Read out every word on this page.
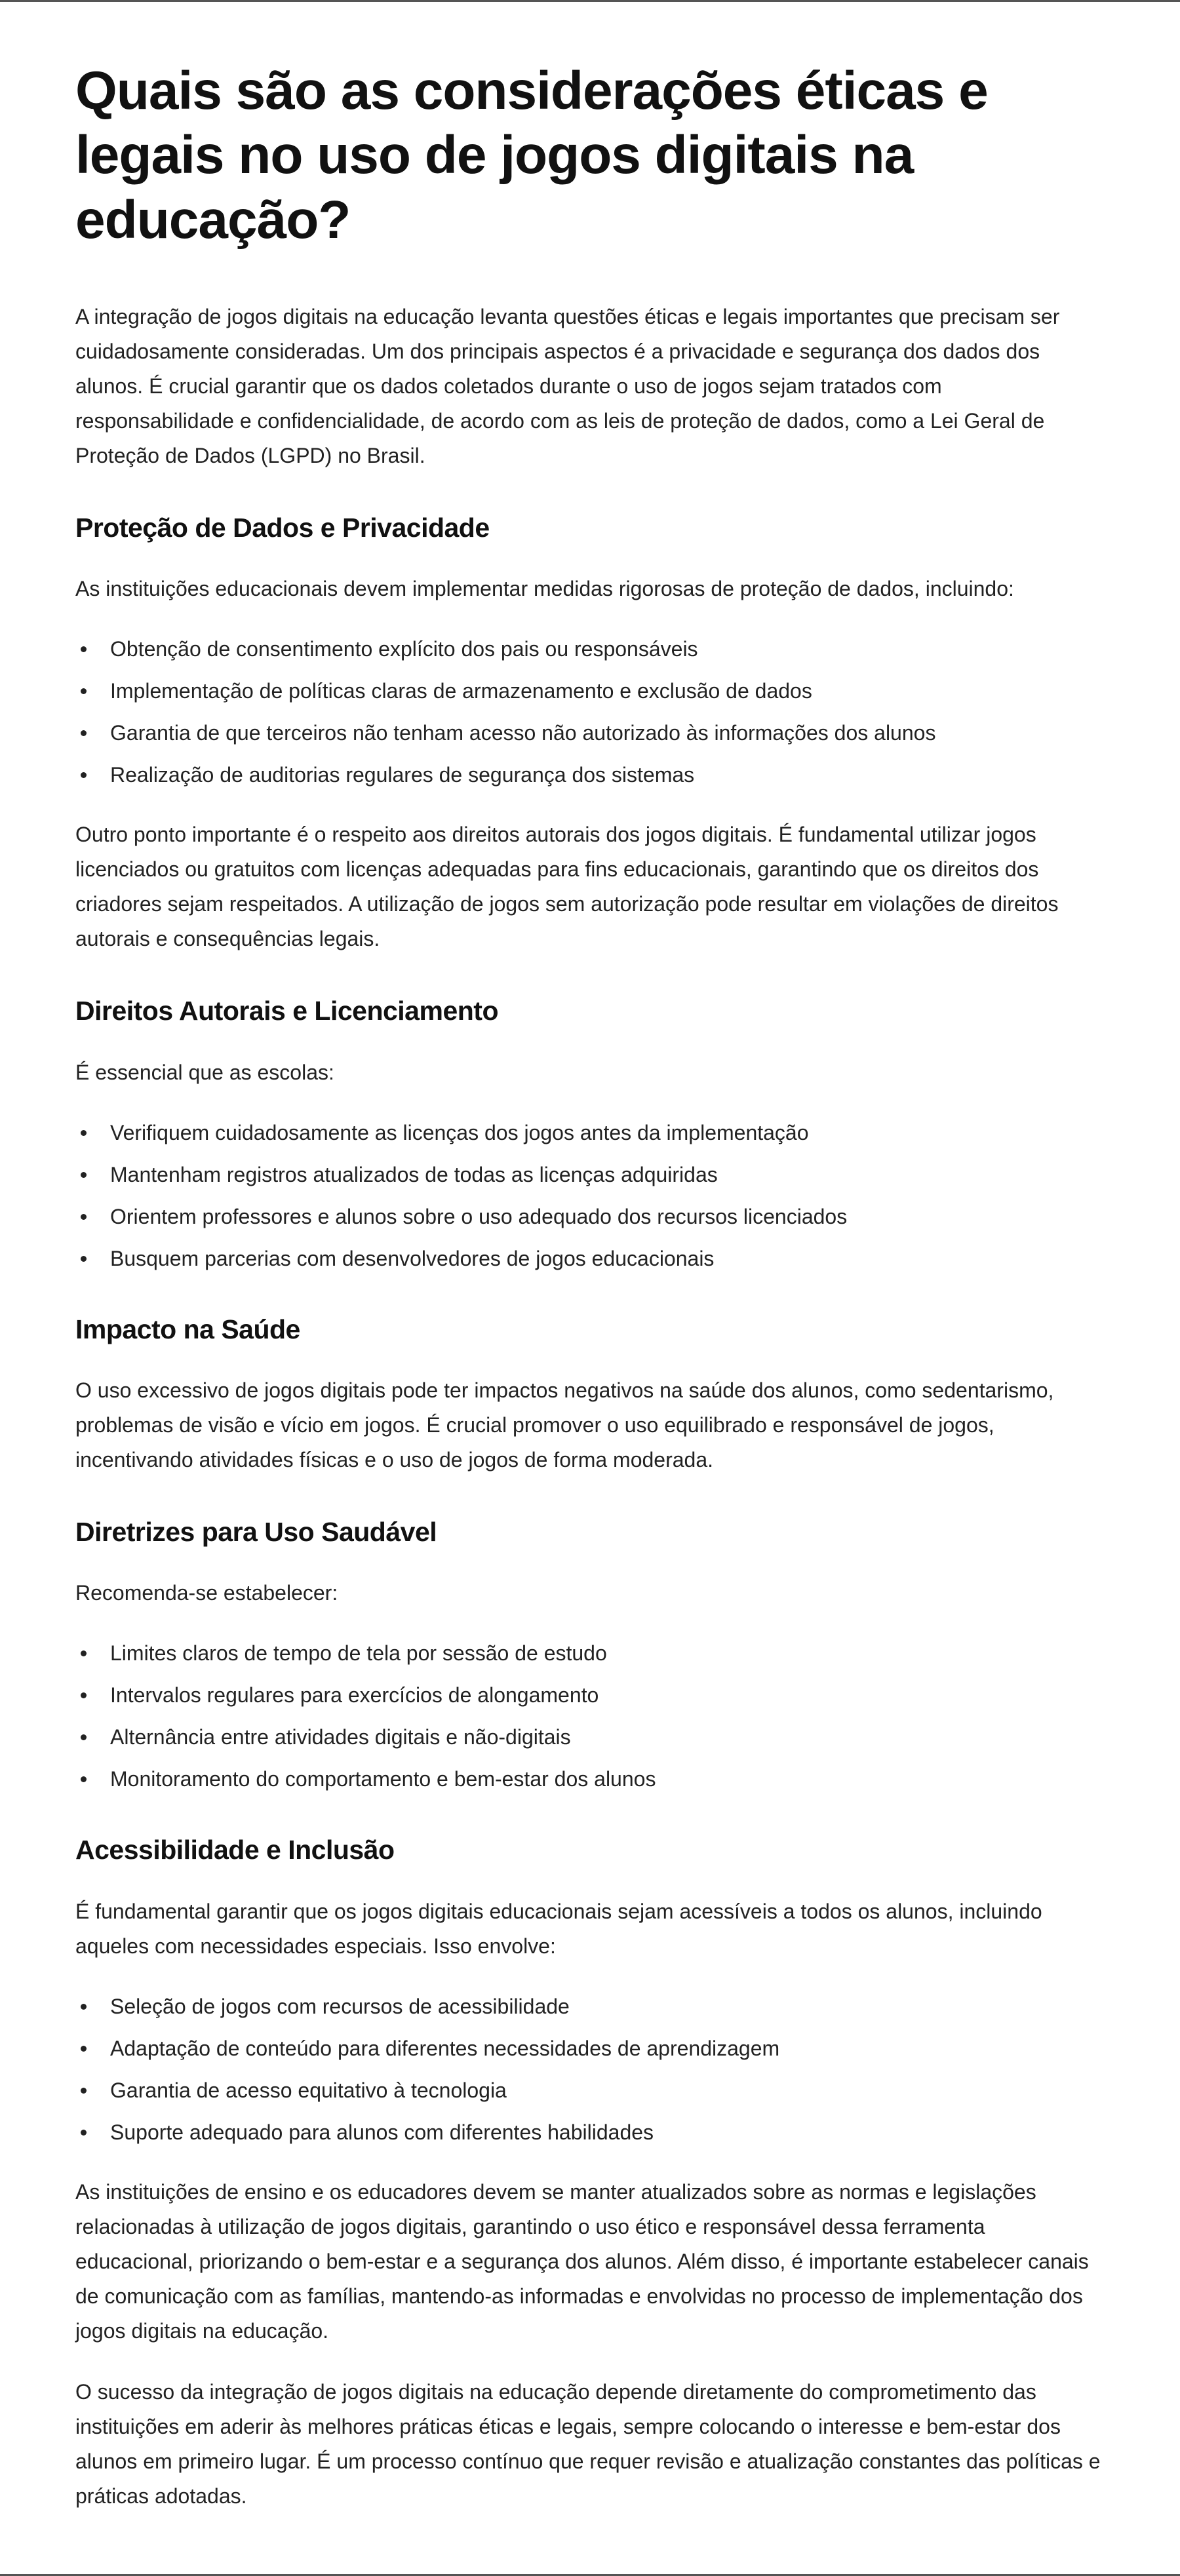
Quais são as considerações éticas e legais no uso de jogos digitais na educação?

A integração de jogos digitais na educação levanta questões éticas e legais importantes que precisam ser cuidadosamente consideradas. Um dos principais aspectos é a privacidade e segurança dos dados dos alunos. É crucial garantir que os dados coletados durante o uso de jogos sejam tratados com responsabilidade e confidencialidade, de acordo com as leis de proteção de dados, como a Lei Geral de Proteção de Dados (LGPD) no Brasil.

Proteção de Dados e Privacidade

As instituições educacionais devem implementar medidas rigorosas de proteção de dados, incluindo:

Obtenção de consentimento explícito dos pais ou responsáveis
Implementação de políticas claras de armazenamento e exclusão de dados
Garantia de que terceiros não tenham acesso não autorizado às informações dos alunos
Realização de auditorias regulares de segurança dos sistemas

Outro ponto importante é o respeito aos direitos autorais dos jogos digitais. É fundamental utilizar jogos licenciados ou gratuitos com licenças adequadas para fins educacionais, garantindo que os direitos dos criadores sejam respeitados. A utilização de jogos sem autorização pode resultar em violações de direitos autorais e consequências legais.

Direitos Autorais e Licenciamento

É essencial que as escolas:

Verifiquem cuidadosamente as licenças dos jogos antes da implementação
Mantenham registros atualizados de todas as licenças adquiridas
Orientem professores e alunos sobre o uso adequado dos recursos licenciados
Busquem parcerias com desenvolvedores de jogos educacionais
Impacto na Saúde

O uso excessivo de jogos digitais pode ter impactos negativos na saúde dos alunos, como sedentarismo, problemas de visão e vício em jogos. É crucial promover o uso equilibrado e responsável de jogos, incentivando atividades físicas e o uso de jogos de forma moderada.

Diretrizes para Uso Saudável

Recomenda-se estabelecer:

Limites claros de tempo de tela por sessão de estudo
Intervalos regulares para exercícios de alongamento
Alternância entre atividades digitais e não-digitais
Monitoramento do comportamento e bem-estar dos alunos
Acessibilidade e Inclusão

É fundamental garantir que os jogos digitais educacionais sejam acessíveis a todos os alunos, incluindo aqueles com necessidades especiais. Isso envolve:

Seleção de jogos com recursos de acessibilidade
Adaptação de conteúdo para diferentes necessidades de aprendizagem
Garantia de acesso equitativo à tecnologia
Suporte adequado para alunos com diferentes habilidades

As instituições de ensino e os educadores devem se manter atualizados sobre as normas e legislações relacionadas à utilização de jogos digitais, garantindo o uso ético e responsável dessa ferramenta educacional, priorizando o bem-estar e a segurança dos alunos. Além disso, é importante estabelecer canais de comunicação com as famílias, mantendo-as informadas e envolvidas no processo de implementação dos jogos digitais na educação.

O sucesso da integração de jogos digitais na educação depende diretamente do comprometimento das instituições em aderir às melhores práticas éticas e legais, sempre colocando o interesse e bem-estar dos alunos em primeiro lugar. É um processo contínuo que requer revisão e atualização constantes das políticas e práticas adotadas.
